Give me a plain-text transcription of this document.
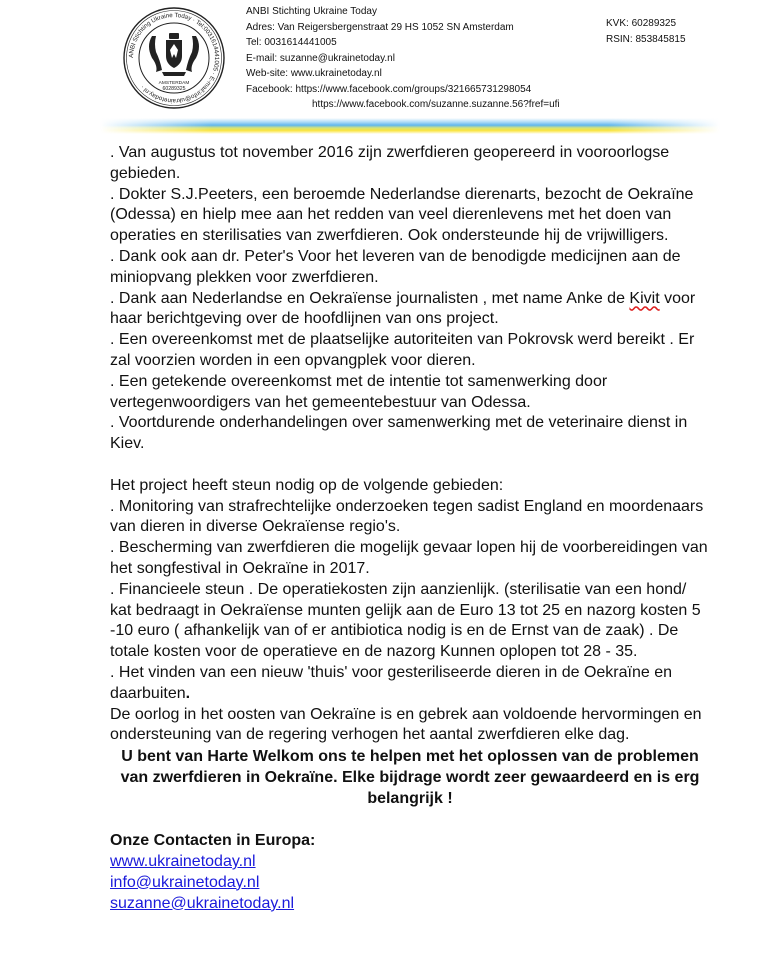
ANBI Stichting Ukraine Today · Tel:0031614441005 · E-mail:info@ukrainetoday.nl ·
AMSTERDAM
60289325
ANBI Stichting Ukraine Today
Adres: Van Reigersbergenstraat 29 HS 1052 SN Amsterdam
Tel: 0031614441005
E-mail: suzanne@ukrainetoday.nl
Web-site: www.ukrainetoday.nl
Facebook: https://www.facebook.com/groups/321665731298054
https://www.facebook.com/suzanne.suzanne.56?fref=ufi
KVK: 60289325
RSIN: 853845815

. Van augustus tot november 2016 zijn zwerfdieren geopereerd in vooroorlogse gebieden.

. Dokter S.J.Peeters, een beroemde Nederlandse dierenarts, bezocht de Oekraïne (Odessa) en hielp mee aan het redden van veel dierenlevens met het doen van operaties en sterilisaties van zwerfdieren. Ook ondersteunde hij de vrijwilligers.

. Dank ook aan dr. Peter's Voor het leveren van de benodigde medicijnen aan de miniopvang plekken voor zwerfdieren.

. Dank aan Nederlandse en Oekraïense journalisten , met name Anke de Kivit voor haar berichtgeving over de hoofdlijnen van ons project.

. Een overeenkomst met de plaatselijke autoriteiten van Pokrovsk werd bereikt . Er zal voorzien worden in een opvangplek voor dieren.

. Een getekende overeenkomst met de intentie tot samenwerking door vertegenwoordigers van het gemeentebestuur van Odessa.

. Voortdurende onderhandelingen over samenwerking met de veterinaire dienst in Kiev.

Het project heeft steun nodig op de volgende gebieden:

. Monitoring van strafrechtelijke onderzoeken tegen sadist England en moordenaars van dieren in diverse Oekraïense regio's.

. Bescherming van zwerfdieren die mogelijk gevaar lopen hij de voorbereidingen van het songfestival in Oekraïne in 2017.

. Financieele steun . De operatiekosten zijn aanzienlijk. (sterilisatie van een hond/ kat bedraagt in Oekraïense munten gelijk aan de Euro 13 tot 25 en nazorg kosten 5 -10 euro ( afhankelijk van of er antibiotica nodig is en de Ernst van de zaak) . De totale kosten voor de operatieve en de nazorg Kunnen oplopen tot 28 - 35.

. Het vinden van een nieuw 'thuis' voor gesteriliseerde dieren in de Oekraïne en daarbuiten.

De oorlog in het oosten van Oekraïne is en gebrek aan voldoende hervormingen en ondersteuning van de regering verhogen het aantal zwerfdieren elke dag.

U bent van Harte Welkom ons te helpen met het oplossen van de problemen van zwerfdieren in Oekraïne. Elke bijdrage wordt zeer gewaardeerd en is erg belangrijk !

Onze Contacten in Europa:
www.ukrainetoday.nl
info@ukrainetoday.nl
suzanne@ukrainetoday.nl
